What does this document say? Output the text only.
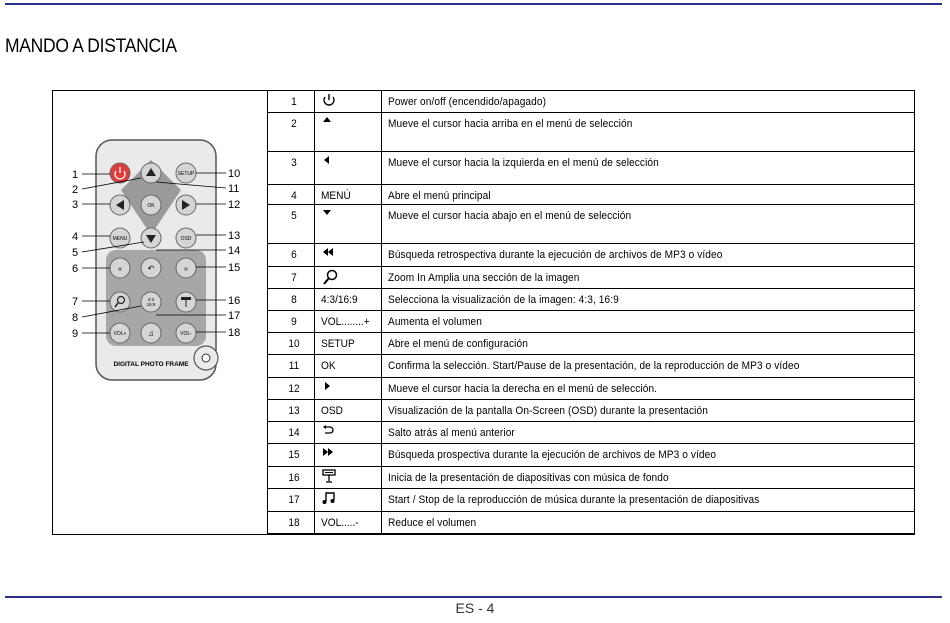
MANDO A DISTANCIA
SETUP
OK
MENU	OSD
«	↶	»
4:3
16:9
VOL+	♫	VOL-
DIGITAL PHOTO FRAME
1
2
3
4
5
6
7
8
9
10
11
12
13
14
15
16
17
18
1		Power on/off (encendido/apagado)

2		Mueve el cursor hacia arriba en el menú de selección

3		Mueve el cursor hacia la izquierda en el menú de selección

4	MENÚ	Abre el menú principal

5		Mueve el cursor hacia abajo en el menú de selección

6		Búsqueda retrospectiva durante la ejecución de archivos de MP3 o vídeo

7		Zoom In Amplia una sección de la imagen

8	4:3/16:9	Selecciona la visualización de la imagen: 4:3, 16:9

9	VOL........+	Aumenta el volumen

10	SETUP	Abre el menú de configuración

11	OK	Confirma la selección. Start/Pause de la presentación, de la reproducción de MP3 o vídeo

12		Mueve el cursor hacia la derecha en el menú de selección.

13	OSD	Visualización de la pantalla On-Screen (OSD) durante la presentación

14		Salto atrás al menú anterior

15		Búsqueda prospectiva durante la ejecución de archivos de MP3 o vídeo

16		Inicia de la presentación de diapositivas con música de fondo

17		Start / Stop de la reproducción de música durante la presentación de diapositivas

18	VOL.....-	Reduce el volumen
ES - 4
